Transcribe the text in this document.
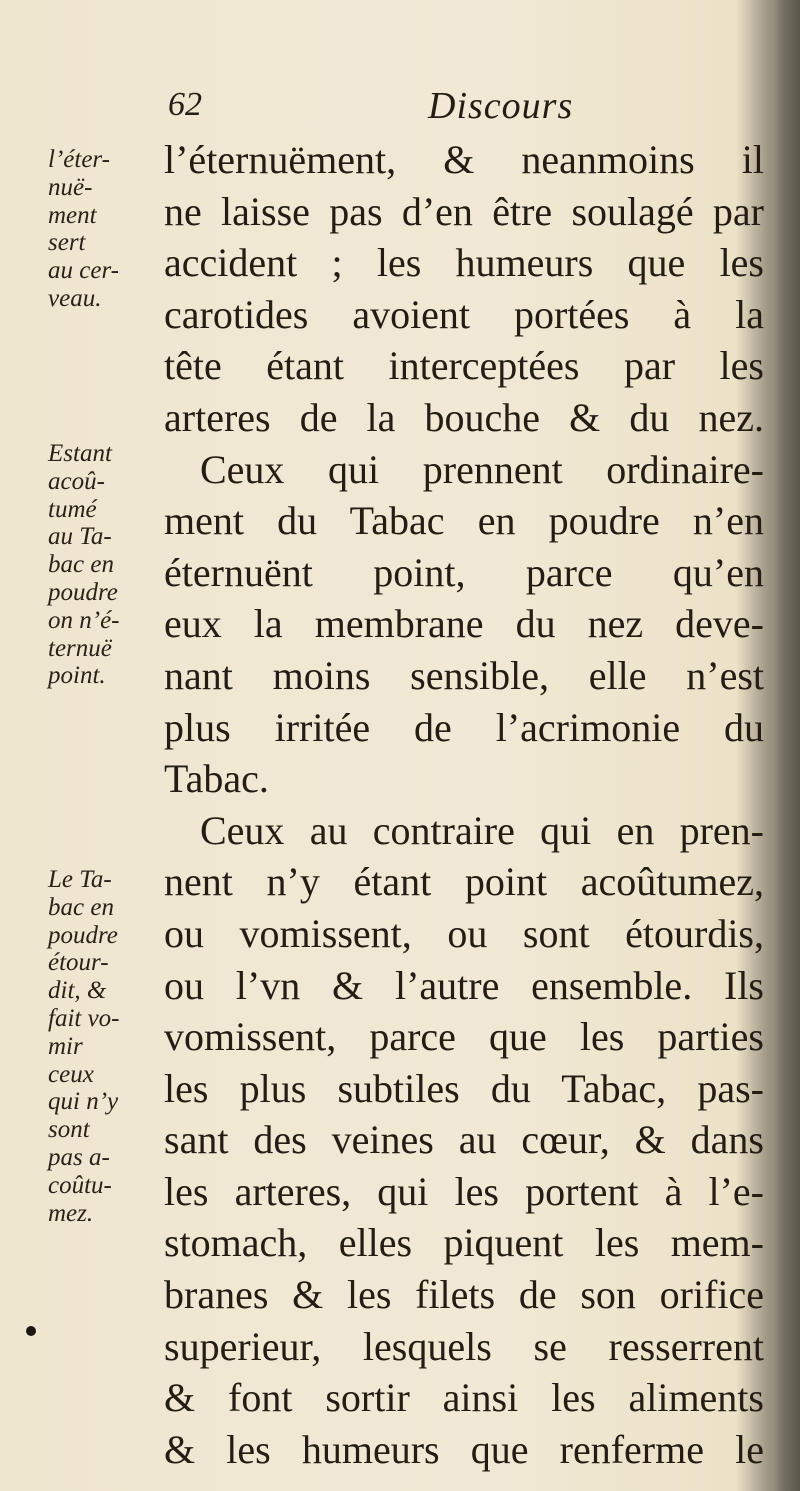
62	Discours
l’éternuëment, & neanmoins il
ne laisse pas d’en être soulagé par
accident ; les humeurs que les
carotides avoient portées à la
tête étant interceptées par les
arteres de la bouche & du nez.
Ceux qui prennent ordinaire-
ment du Tabac en poudre n’en
éternuënt point, parce qu’en
eux la membrane du nez deve-
nant moins sensible, elle n’est
plus irritée de l’acrimonie du
Tabac.
Ceux au contraire qui en pren-
nent n’y étant point acoûtumez,
ou vomissent, ou sont étourdis,
ou l’vn & l’autre ensemble. Ils
vomissent, parce que les parties
les plus subtiles du Tabac, pas-
sant des veines au cœur, & dans
les arteres, qui les portent à l’e-
stomach, elles piquent les mem-
branes & les filets de son orifice
superieur, lesquels se resserrent
& font sortir ainsi les aliments
& les humeurs que renferme le
l’éter-
nuë-
ment
sert
au cer-
veau.
Estant
acoû-
tumé
au Ta-
bac en
poudre
on n’é-
ternuë
point.
Le Ta-
bac en
poudre
étour-
dit, &
fait vo-
mir
ceux
qui n’y
sont
pas a-
coûtu-
mez.
